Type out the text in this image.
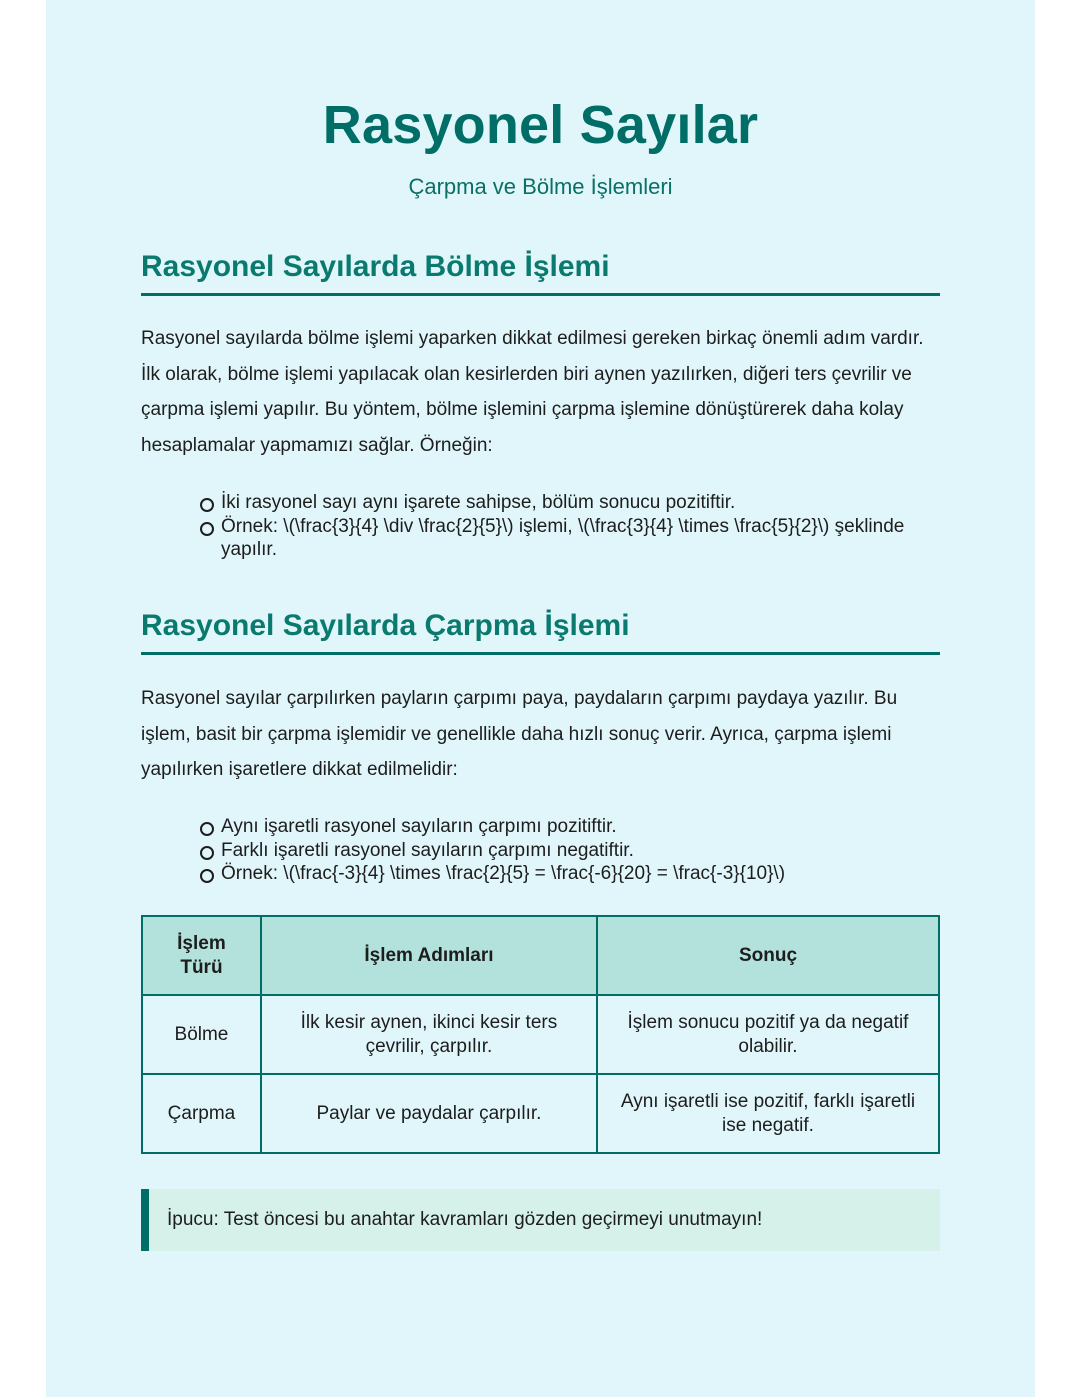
Rasyonel Sayılar
Çarpma ve Bölme İşlemleri
Rasyonel Sayılarda Bölme İşlemi

Rasyonel sayılarda bölme işlemi yaparken dikkat edilmesi gereken birkaç önemli adım vardır. İlk olarak, bölme işlemi yapılacak olan kesirlerden biri aynen yazılırken, diğeri ters çevrilir ve çarpma işlemi yapılır. Bu yöntem, bölme işlemini çarpma işlemine dönüştürerek daha kolay hesaplamalar yapmamızı sağlar. Örneğin:

İki rasyonel sayı aynı işarete sahipse, bölüm sonucu pozitiftir.
Örnek: \(\frac{3}{4} \div \frac{2}{5}\) işlemi, \(\frac{3}{4} \times \frac{5}{2}\) şeklinde yapılır.
Rasyonel Sayılarda Çarpma İşlemi

Rasyonel sayılar çarpılırken payların çarpımı paya, paydaların çarpımı paydaya yazılır. Bu işlem, basit bir çarpma işlemidir ve genellikle daha hızlı sonuç verir. Ayrıca, çarpma işlemi yapılırken işaretlere dikkat edilmelidir:

Aynı işaretli rasyonel sayıların çarpımı pozitiftir.
Farklı işaretli rasyonel sayıların çarpımı negatiftir.
Örnek: \(\frac{-3}{4} \times \frac{2}{5} = \frac{-6}{20} = \frac{-3}{10}\)
İşlem Türü	İşlem Adımları	Sonuç
Bölme	İlk kesir aynen, ikinci kesir ters çevrilir, çarpılır.	İşlem sonucu pozitif ya da negatif olabilir.
Çarpma	Paylar ve paydalar çarpılır.	Aynı işaretli ise pozitif, farklı işaretli ise negatif.
İpucu: Test öncesi bu anahtar kavramları gözden geçirmeyi unutmayın!
